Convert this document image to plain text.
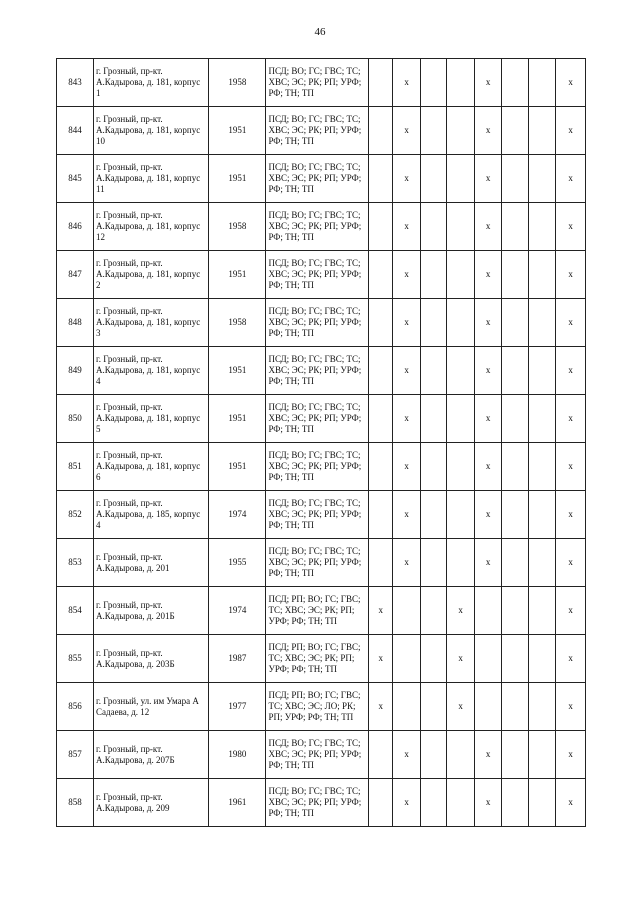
46
843	г. Грозный, пр-кт. А.Кадырова, д. 181, корпус 1	1958	ПСД; ВО; ГС; ГВС; ТС; ХВС; ЭС; РК; РП; УРФ; РФ; ТН; ТП		х			х			х
844	г. Грозный, пр-кт. А.Кадырова, д. 181, корпус 10	1951	ПСД; ВО; ГС; ГВС; ТС; ХВС; ЭС; РК; РП; УРФ; РФ; ТН; ТП		х			х			х
845	г. Грозный, пр-кт. А.Кадырова, д. 181, корпус 11	1951	ПСД; ВО; ГС; ГВС; ТС; ХВС; ЭС; РК; РП; УРФ; РФ; ТН; ТП		х			х			х
846	г. Грозный, пр-кт. А.Кадырова, д. 181, корпус 12	1958	ПСД; ВО; ГС; ГВС; ТС; ХВС; ЭС; РК; РП; УРФ; РФ; ТН; ТП		х			х			х
847	г. Грозный, пр-кт. А.Кадырова, д. 181, корпус 2	1951	ПСД; ВО; ГС; ГВС; ТС; ХВС; ЭС; РК; РП; УРФ; РФ; ТН; ТП		х			х			х
848	г. Грозный, пр-кт. А.Кадырова, д. 181, корпус 3	1958	ПСД; ВО; ГС; ГВС; ТС; ХВС; ЭС; РК; РП; УРФ; РФ; ТН; ТП		х			х			х
849	г. Грозный, пр-кт. А.Кадырова, д. 181, корпус 4	1951	ПСД; ВО; ГС; ГВС; ТС; ХВС; ЭС; РК; РП; УРФ; РФ; ТН; ТП		х			х			х
850	г. Грозный, пр-кт. А.Кадырова, д. 181, корпус 5	1951	ПСД; ВО; ГС; ГВС; ТС; ХВС; ЭС; РК; РП; УРФ; РФ; ТН; ТП		х			х			х
851	г. Грозный, пр-кт. А.Кадырова, д. 181, корпус 6	1951	ПСД; ВО; ГС; ГВС; ТС; ХВС; ЭС; РК; РП; УРФ; РФ; ТН; ТП		х			х			х
852	г. Грозный, пр-кт. А.Кадырова, д. 185, корпус 4	1974	ПСД; ВО; ГС; ГВС; ТС; ХВС; ЭС; РК; РП; УРФ; РФ; ТН; ТП		х			х			х
853	г. Грозный, пр-кт. А.Кадырова, д. 201	1955	ПСД; ВО; ГС; ГВС; ТС; ХВС; ЭС; РК; РП; УРФ; РФ; ТН; ТП		х			х			х
854	г. Грозный, пр-кт. А.Кадырова, д. 201Б	1974	ПСД; РП; ВО; ГС; ГВС; ТС; ХВС; ЭС; РК; РП; УРФ; РФ; ТН; ТП	х			х				х
855	г. Грозный, пр-кт. А.Кадырова, д. 203Б	1987	ПСД; РП; ВО; ГС; ГВС; ТС; ХВС; ЭС; РК; РП; УРФ; РФ; ТН; ТП	х			х				х
856	г. Грозный, ул. им Умара А Садаева, д. 12	1977	ПСД; РП; ВО; ГС; ГВС; ТС; ХВС; ЭС; ЛО; РК; РП; УРФ; РФ; ТН; ТП	х			х				х
857	г. Грозный, пр-кт. А.Кадырова, д. 207Б	1980	ПСД; ВО; ГС; ГВС; ТС; ХВС; ЭС; РК; РП; УРФ; РФ; ТН; ТП		х			х			х
858	г. Грозный, пр-кт. А.Кадырова, д. 209	1961	ПСД; ВО; ГС; ГВС; ТС; ХВС; ЭС; РК; РП; УРФ; РФ; ТН; ТП		х			х			х
